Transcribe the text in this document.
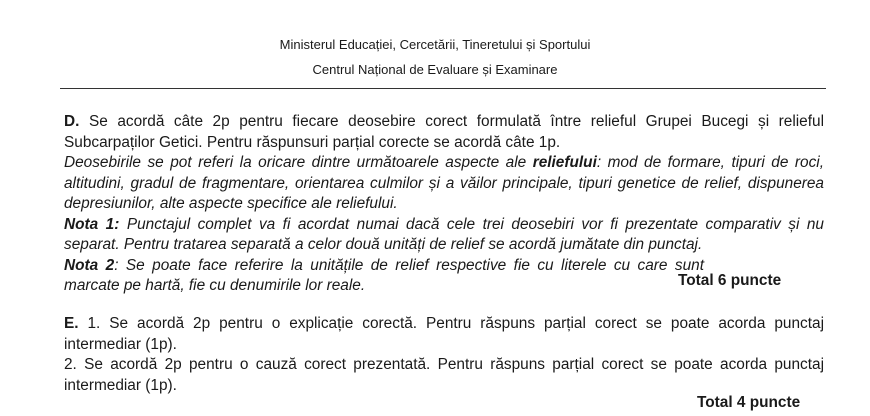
Ministerul Educației, Cercetării, Tineretului și Sportului
Centrul Național de Evaluare și Examinare
D. Se acordă câte 2p pentru fiecare deosebire corect formulată între relieful Grupei Bucegi și relieful Subcarpaților Getici. Pentru răspunsuri parțial corecte se acordă câte 1p.
Deosebirile se pot referi la oricare dintre următoarele aspecte ale reliefului: mod de formare, tipuri de roci, altitudini, gradul de fragmentare, orientarea culmilor și a văilor principale, tipuri genetice de relief, dispunerea depresiunilor, alte aspecte specifice ale reliefului.
Nota 1: Punctajul complet va fi acordat numai dacă cele trei deosebiri vor fi prezentate comparativ și nu separat. Pentru tratarea separată a celor două unități de relief se acordă jumătate din punctaj.
Nota 2: Se poate face referire la unitățile de relief respective fie cu literele cu care sunt marcate pe hartă, fie cu denumirile lor reale.	Total 6 puncte
E. 1. Se acordă 2p pentru o explicație corectă. Pentru răspuns parțial corect se poate acorda punctaj intermediar (1p).
2. Se acordă 2p pentru o cauză corect prezentată. Pentru răspuns parțial corect se poate acorda punctaj intermediar (1p).
Total 4 puncte
